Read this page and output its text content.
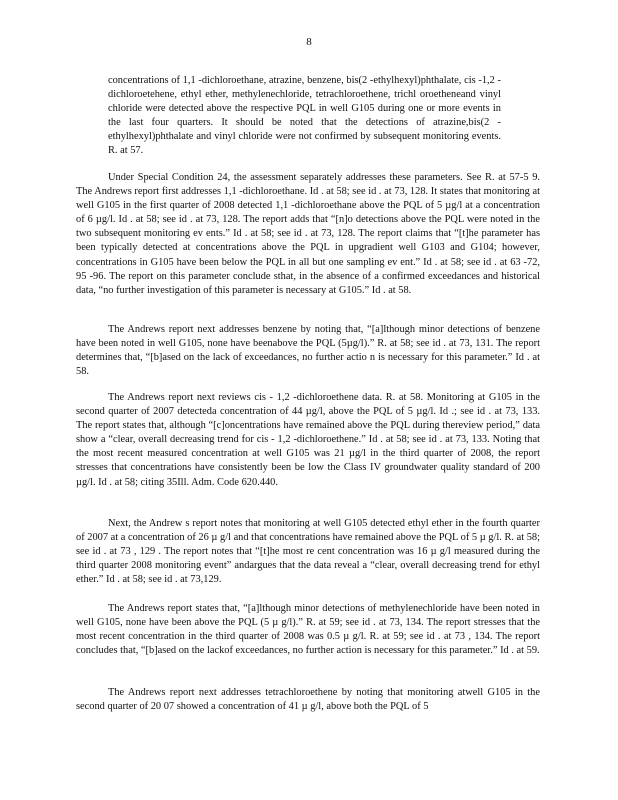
8

concentrations of 1,1 -dichloroethane, atrazine, benzene, bis(2 -ethylhexyl)phthalate, cis -1,2 -dichloroetehene, ethyl ether, methylenechloride, tetrachloroethene, trichl oroetheneand vinyl chloride were detected above the respective PQL in well G105 during one or more events in the last four quarters. It should be noted that the detections of atrazine,bis(2 -ethylhexyl)phthalate and vinyl chloride were not confirmed by subsequent monitoring events. R. at 57.

Under Special Condition 24, the assessment separately addresses these parameters. See R. at 57-5 9. The Andrews report first addresses 1,1 -dichloroethane. Id . at 58; see id . at 73, 128. It states that monitoring at well G105 in the first quarter of 2008 detected 1,1 -dichloroethane above the PQL of 5 µg/l at a concentration of 6 µg/l. Id . at 58; see id . at 73, 128. The report adds that “[n]o detections above the PQL were noted in the two subsequent monitoring ev ents.” Id . at 58; see id . at 73, 128. The report claims that “[t]he parameter has been typically detected at concentrations above the PQL in upgradient well G103 and G104; however, concentrations in G105 have been below the PQL in all but one sampling ev ent.” Id . at 58; see id . at 63 -72, 95 -96. The report on this parameter conclude sthat, in the absence of a confirmed exceedances and historical data, “no further investigation of this parameter is necessary at G105.” Id . at 58.

The Andrews report next addresses benzene by noting that, “[a]lthough minor detections of benzene have been noted in well G105, none have beenabove the PQL (5µg/l).” R. at 58; see id . at 73, 131. The report determines that, “[b]ased on the lack of exceedances, no further actio n is necessary for this parameter.” Id . at 58.

The Andrews report next reviews cis - 1,2 -dichloroethene data. R. at 58. Monitoring at G105 in the second quarter of 2007 detecteda concentration of 44 µg/l, above the PQL of 5 µg/l. Id .; see id . at 73, 133. The report states that, although “[c]oncentrations have remained above the PQL during thereview period,” data show a “clear, overall decreasing trend for cis - 1,2 -dichloroethene.” Id . at 58; see id . at 73, 133. Noting that the most recent measured concentration at well G105 was 21 µg/l in the third quarter of 2008, the report stresses that concentrations have consistently been be low the Class IV groundwater quality standard of 200 µg/l. Id . at 58; citing 35Ill. Adm. Code 620.440.

Next, the Andrew s report notes that monitoring at well G105 detected ethyl ether in the fourth quarter of 2007 at a concentration of 26 µ g/l and that concentrations have remained above the PQL of 5 µ g/l. R. at 58; see id . at 73 , 129 . The report notes that “[t]he most re cent concentration was 16 µ g/l measured during the third quarter 2008 monitoring event” andargues that the data reveal a “clear, overall decreasing trend for ethyl ether.” Id . at 58; see id . at 73,129.

The Andrews report states that, “[a]lthough minor detections of methylenechloride have been noted in well G105, none have been above the PQL (5 µ g/l).” R. at 59; see id . at 73, 134. The report stresses that the most recent concentration in the third quarter of 2008 was 0.5 µ g/l. R. at 59; see id . at 73 , 134. The report concludes that, “[b]ased on the lackof exceedances, no further action is necessary for this parameter.” Id . at 59.

The Andrews report next addresses tetrachloroethene by noting that monitoring atwell G105 in the second quarter of 20 07 showed a concentration of 41 µ g/l, above both the PQL of 5
